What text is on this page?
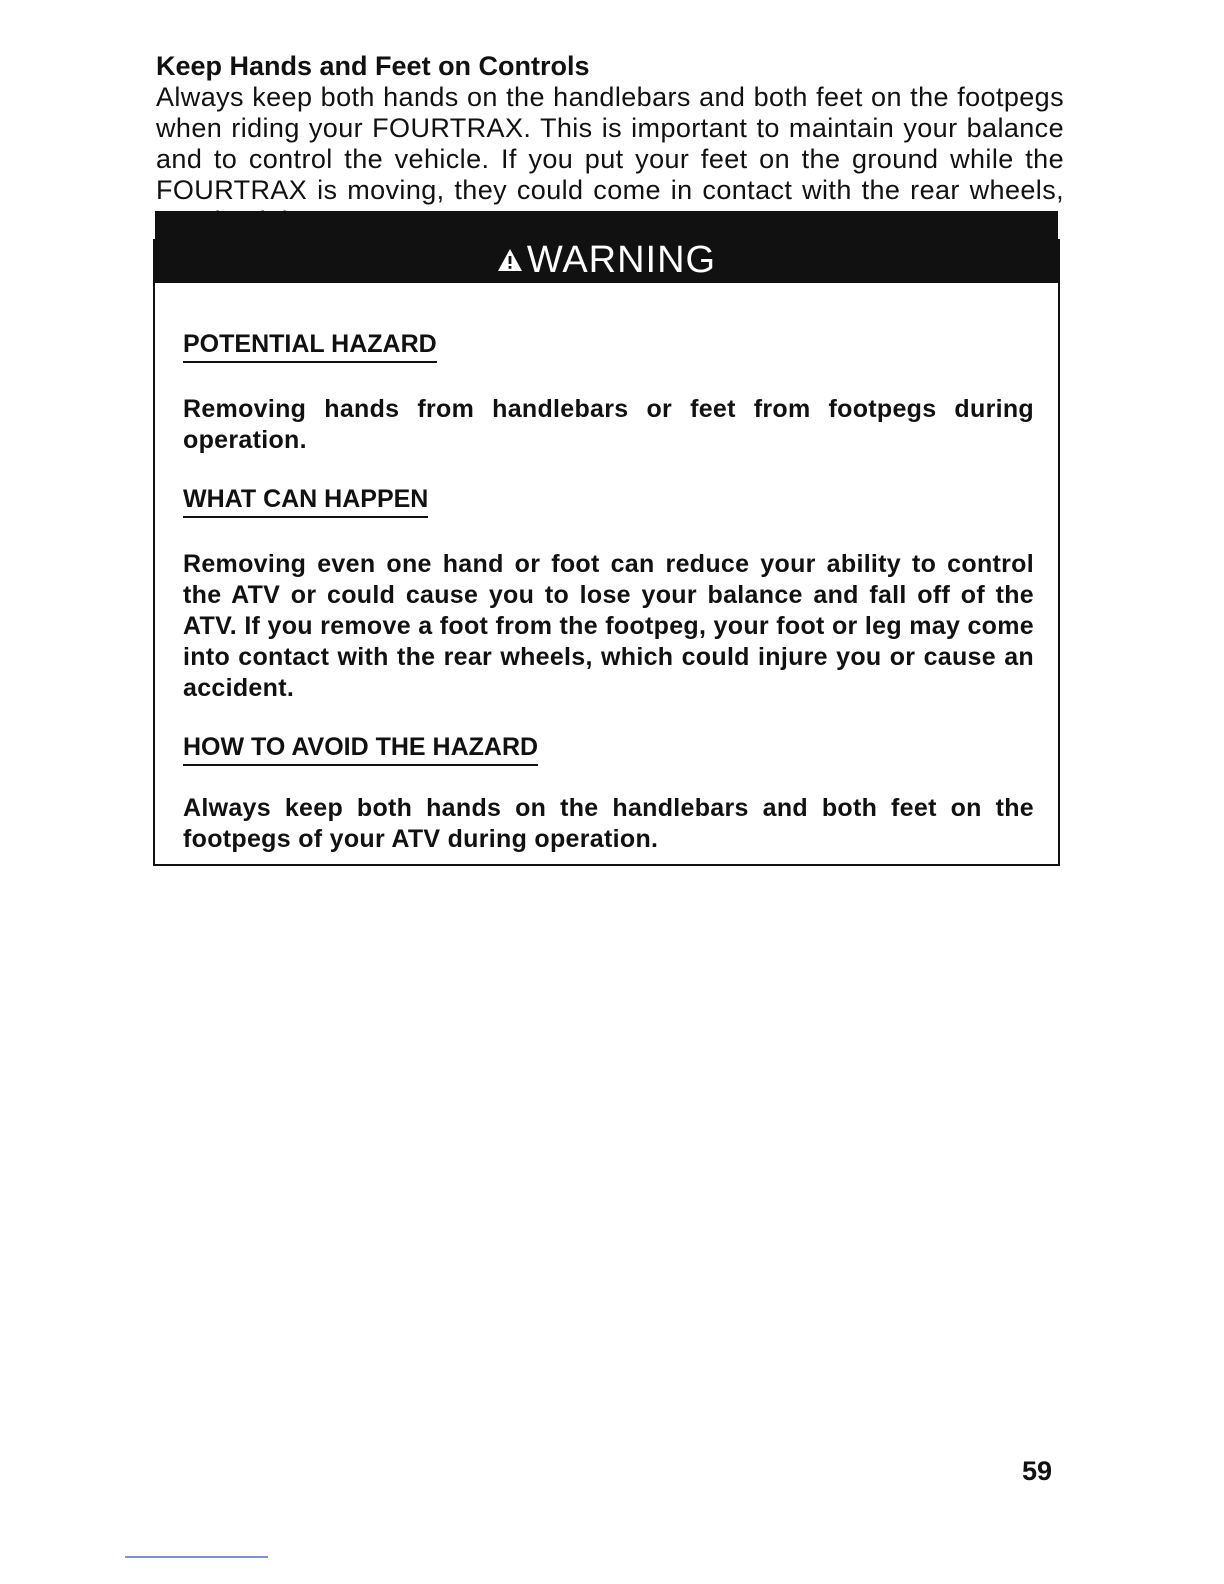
Keep Hands and Feet on Controls

Always keep both hands on the handlebars and both feet on the footpegs when riding your FOURTRAX. This is important to maintain your balance and to control the vehicle. If you put your feet on the ground while the FOURTRAX is moving, they could come in contact with the rear wheels,

WARNING
POTENTIAL HAZARD
Removing hands from handlebars or feet from footpegs during operation.
WHAT CAN HAPPEN
Removing even one hand or foot can reduce your ability to control the ATV or could cause you to lose your balance and fall off of the ATV. If you remove a foot from the footpeg, your foot or leg may come into contact with the rear wheels, which could injure you or cause an accident.
HOW TO AVOID THE HAZARD
Always keep both hands on the handlebars and both feet on the footpegs of your ATV during operation.
59
